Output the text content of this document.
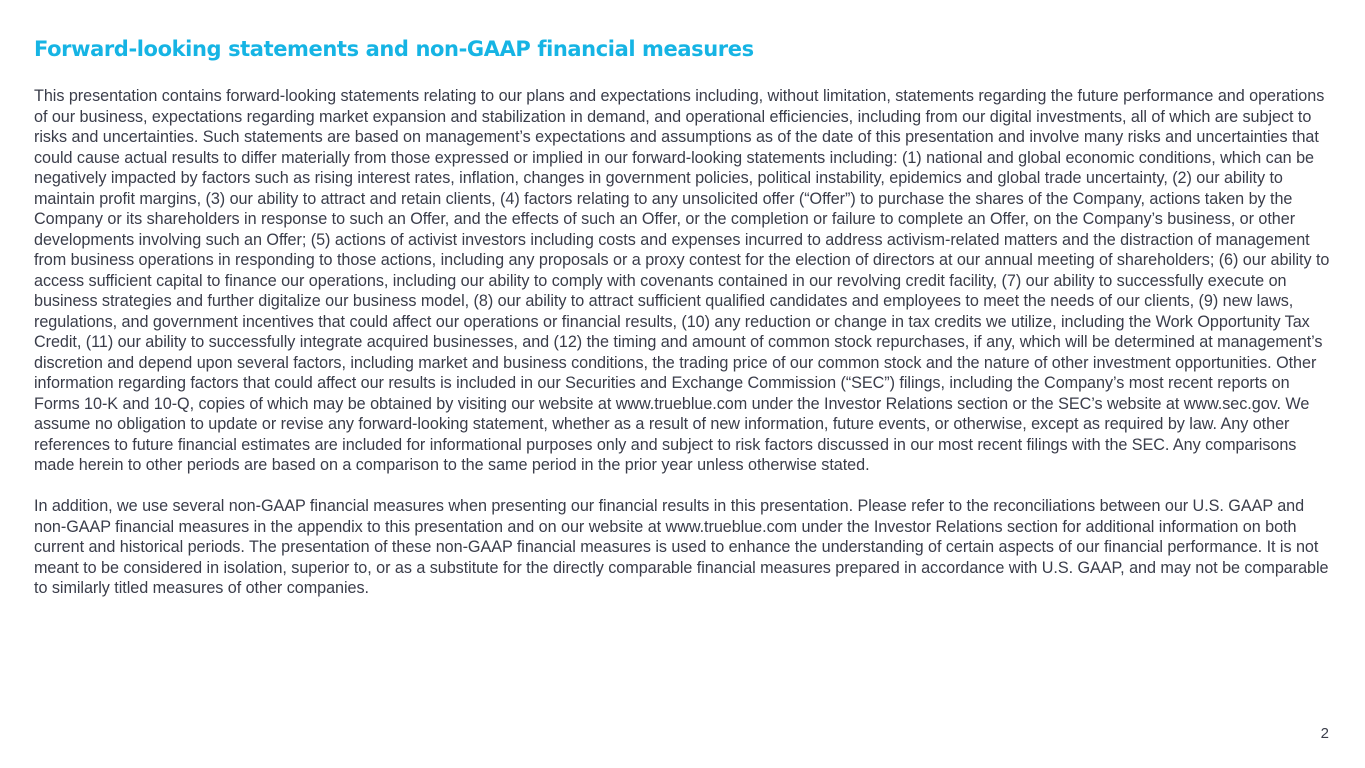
Forward-looking statements and non-GAAP financial measures

This presentation contains forward-looking statements relating to our plans and expectations including, without limitation, statements regarding the future performance and operations of our business, expectations regarding market expansion and stabilization in demand, and operational efficiencies, including from our digital investments, all of which are subject to risks and uncertainties. Such statements are based on management’s expectations and assumptions as of the date of this presentation and involve many risks and uncertainties that could cause actual results to differ materially from those expressed or implied in our forward-looking statements including: (1) national and global economic conditions, which can be negatively impacted by factors such as rising interest rates, inflation, changes in government policies, political instability, epidemics and global trade uncertainty, (2) our ability to maintain profit margins, (3) our ability to attract and retain clients, (4) factors relating to any unsolicited offer (“Offer”) to purchase the shares of the Company, actions taken by the Company or its shareholders in response to such an Offer, and the effects of such an Offer, or the completion or failure to complete an Offer, on the Company’s business, or other developments involving such an Offer; (5) actions of activist investors including costs and expenses incurred to address activism-related matters and the distraction of management from business operations in responding to those actions, including any proposals or a proxy contest for the election of directors at our annual meeting of shareholders; (6) our ability to access sufficient capital to finance our operations, including our ability to comply with covenants contained in our revolving credit facility, (7) our ability to successfully execute on business strategies and further digitalize our business model, (8) our ability to attract sufficient qualified candidates and employees to meet the needs of our clients, (9) new laws, regulations, and government incentives that could affect our operations or financial results, (10) any reduction or change in tax credits we utilize, including the Work Opportunity Tax Credit, (11) our ability to successfully integrate acquired businesses, and (12) the timing and amount of common stock repurchases, if any, which will be determined at management’s discretion and depend upon several factors, including market and business conditions, the trading price of our common stock and the nature of other investment opportunities. Other information regarding factors that could affect our results is included in our Securities and Exchange Commission (“SEC”) filings, including the Company’s most recent reports on Forms 10-K and 10-Q, copies of which may be obtained by visiting our website at www.trueblue.com under the Investor Relations section or the SEC’s website at www.sec.gov. We assume no obligation to update or revise any forward-looking statement, whether as a result of new information, future events, or otherwise, except as required by law. Any other references to future financial estimates are included for informational purposes only and subject to risk factors discussed in our most recent filings with the SEC. Any comparisons made herein to other periods are based on a comparison to the same period in the prior year unless otherwise stated.

In addition, we use several non-GAAP financial measures when presenting our financial results in this presentation. Please refer to the reconciliations between our U.S. GAAP and non-GAAP financial measures in the appendix to this presentation and on our website at www.trueblue.com under the Investor Relations section for additional information on both current and historical periods. The presentation of these non-GAAP financial measures is used to enhance the understanding of certain aspects of our financial performance. It is not meant to be considered in isolation, superior to, or as a substitute for the directly comparable financial measures prepared in accordance with U.S. GAAP, and may not be comparable to similarly titled measures of other companies.

2
